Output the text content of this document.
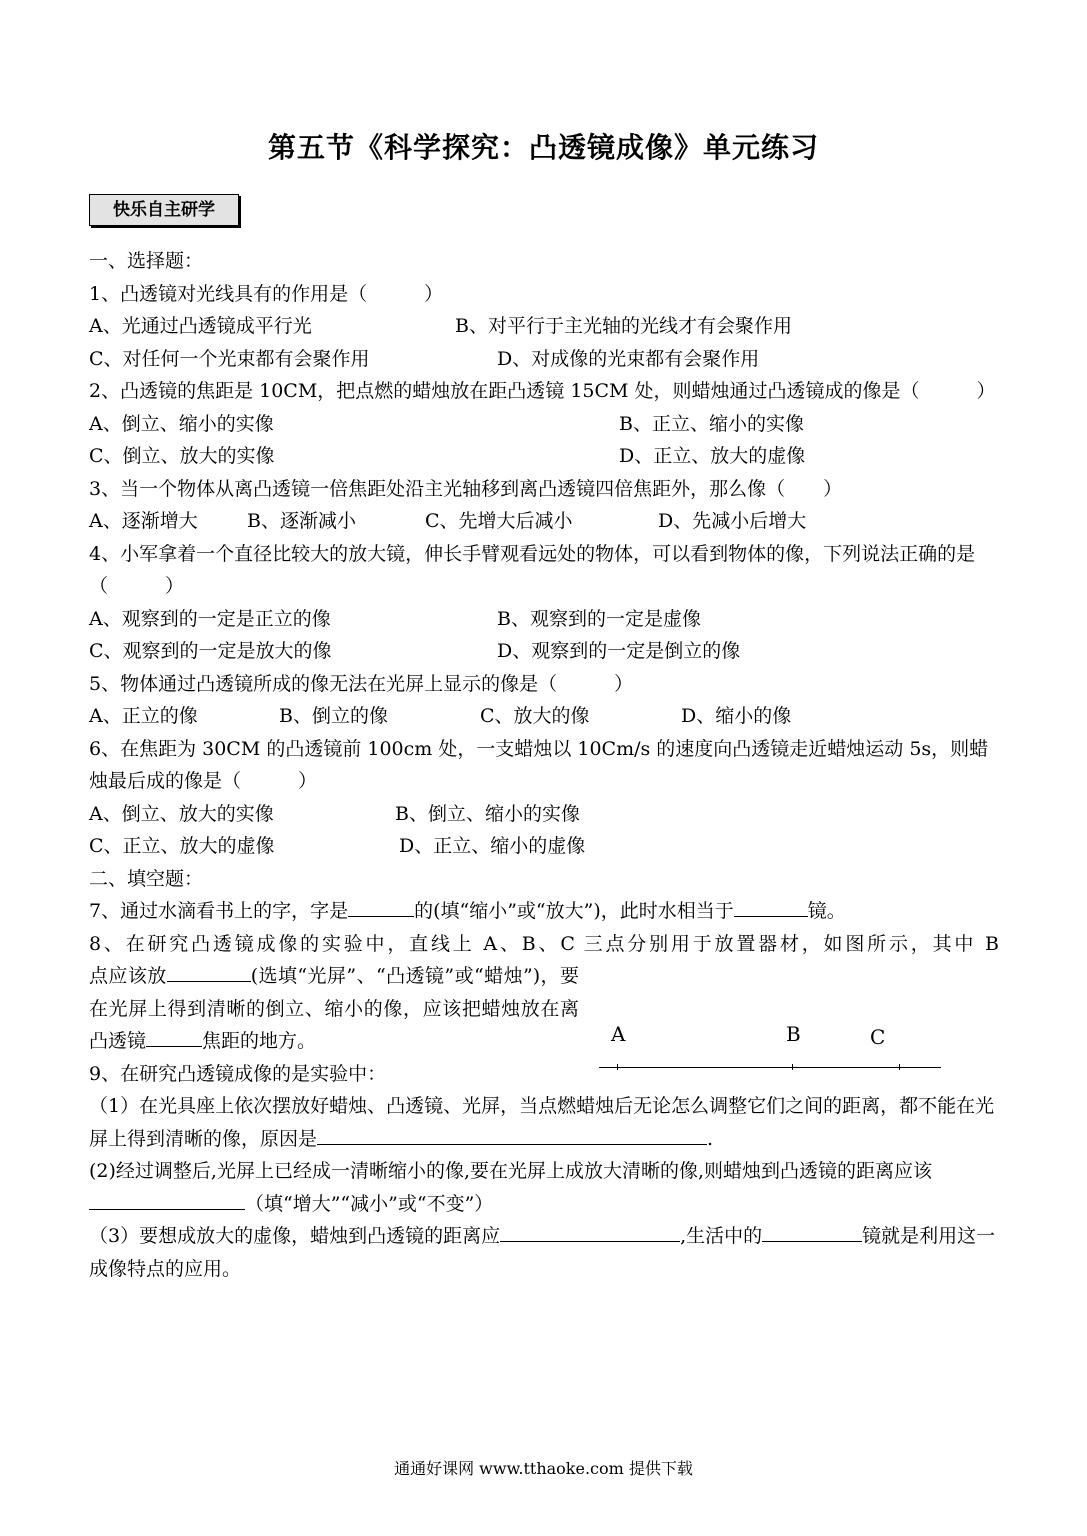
第五节《科学探究：凸透镜成像》单元练习
快乐自主研学
一、选择题：
1、凸透镜对光线具有的作用是（　　　）
A、光通过凸透镜成平行光	B、对平行于主光轴的光线才有会聚作用
C、对任何一个光束都有会聚作用	D、对成像的光束都有会聚作用
2、凸透镜的焦距是 10CM，把点燃的蜡烛放在距凸透镜 15CM 处，则蜡烛通过凸透镜成的像是（　　　）
A、倒立、缩小的实像	B、正立、缩小的实像
C、倒立、放大的实像	D、正立、放大的虚像
3、当一个物体从离凸透镜一倍焦距处沿主光轴移到离凸透镜四倍焦距外，那么像（　　）
A、逐渐增大	B、逐渐减小	C、先增大后减小	D、先减小后增大
4、小军拿着一个直径比较大的放大镜，伸长手臂观看远处的物体，可以看到物体的像，下列说法正确的是（　　　）
A、观察到的一定是正立的像	B、观察到的一定是虚像
C、观察到的一定是放大的像	D、观察到的一定是倒立的像
5、物体通过凸透镜所成的像无法在光屏上显示的像是（　　　）
A、正立的像	B、倒立的像	C、放大的像	D、缩小的像
6、在焦距为 30CM 的凸透镜前 100cm 处，一支蜡烛以 10Cm/s 的速度向凸透镜走近蜡烛运动 5s，则蜡烛最后成的像是（　　　）
A、倒立、放大的实像	B、倒立、缩小的实像
C、正立、放大的虚像	D、正立、缩小的虚像
二、填空题：
7、通过水滴看书上的字，字是	的(填“缩小”或“放大”)，此时水相当于	镜。
8、在研究凸透镜成像的实验中，直线上 A、B、C 三点分别用于放置器材，如图所示，其中 B
点应该放	(选填“光屏”、“凸透镜”或“蜡烛”)，要在光屏上得到清晰的倒立、缩小的像，应该把蜡烛放在离凸透镜	焦距的地方。
9、在研究凸透镜成像的是实验中：
（1）在光具座上依次摆放好蜡烛、凸透镜、光屏，当点燃蜡烛后无论怎么调整它们之间的距离，都不能在光屏上得到清晰的像，原因是	.
(2)经过调整后,光屏上已经成一清晰缩小的像,要在光屏上成放大清晰的像,则蜡烛到凸透镜的距离应该（填“增大”“减小”或“不变”）
（3）要想成放大的虚像，蜡烛到凸透镜的距离应	,生活中的	镜就是利用这一成像特点的应用。
A	B	C
通通好课网 www.tthaoke.com 提供下载
